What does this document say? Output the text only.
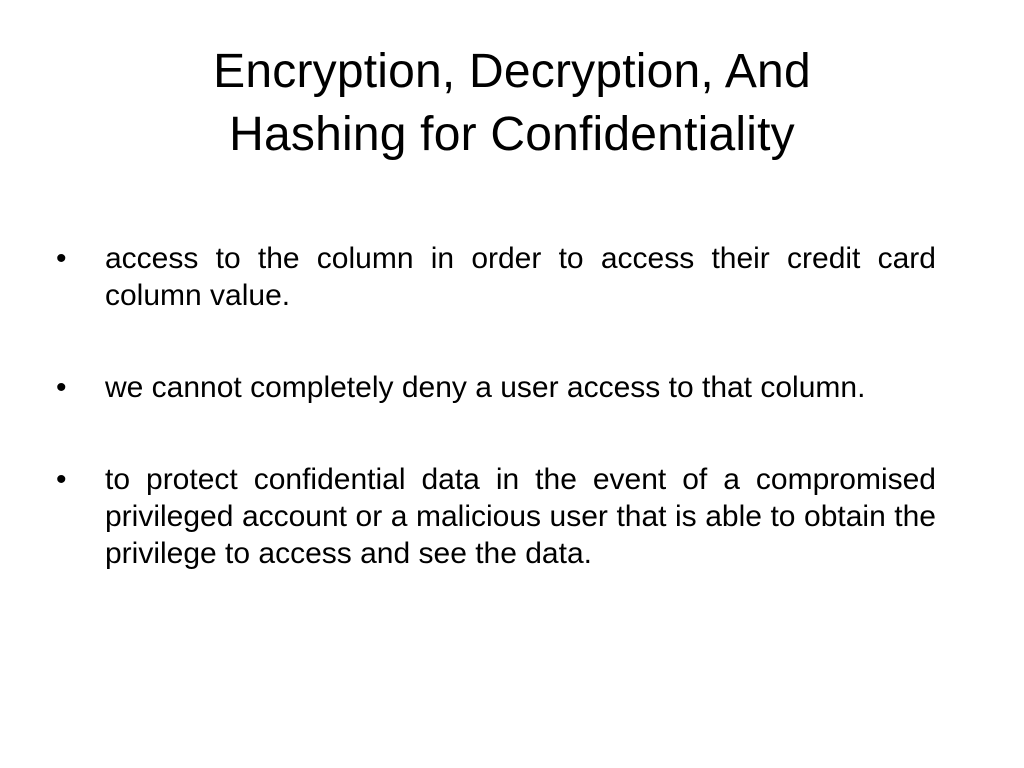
Encryption, Decryption, And
Hashing for Confidentiality
• access to the column in order to access their credit card column value.
• we cannot completely deny a user access to that column.
• to protect confidential data in the event of a compromised privileged account or a malicious user that is able to obtain the privilege to access and see the data.
